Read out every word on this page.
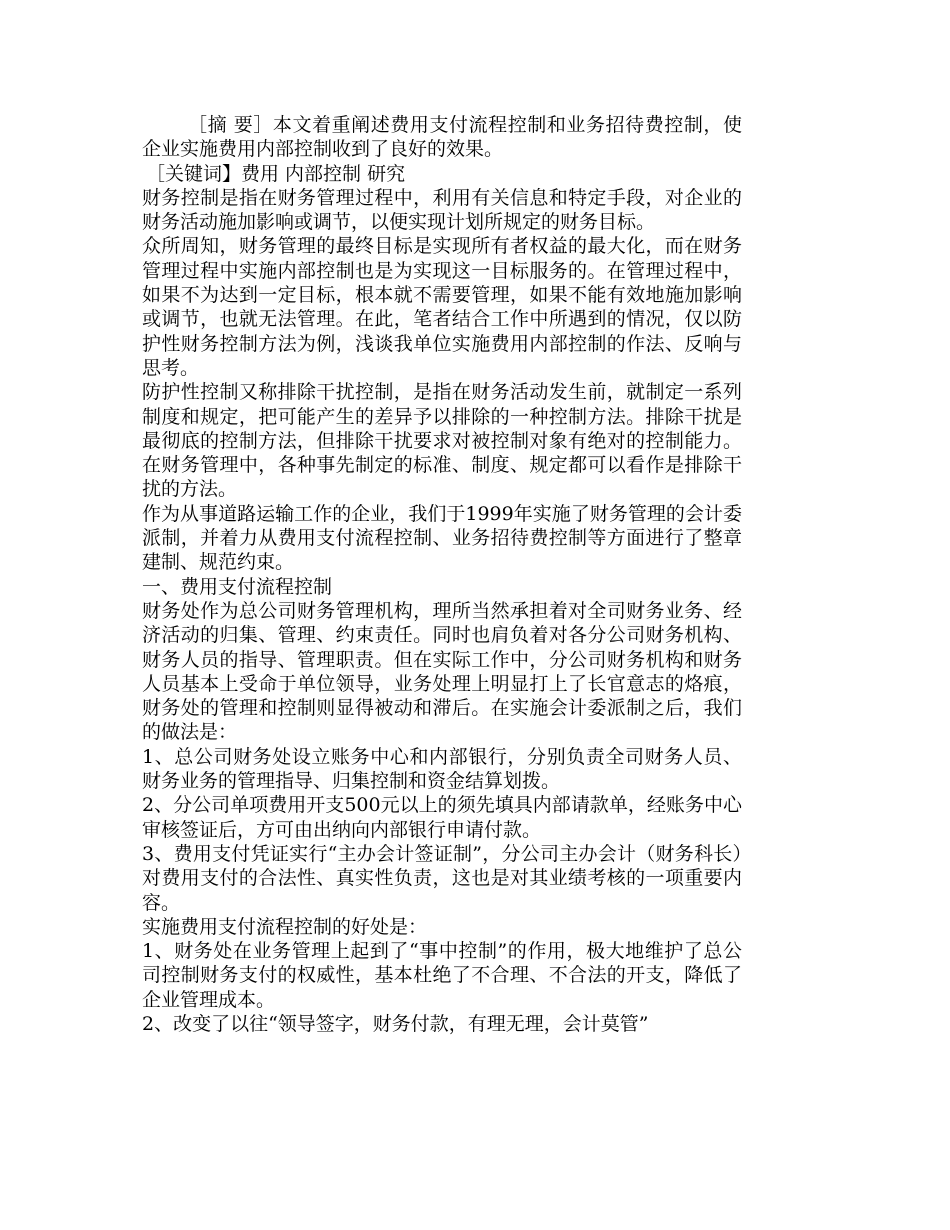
［摘 要］本文着重阐述费用支付流程控制和业务招待费控制，使企业实施费用内部控制收到了良好的效果。

［关键词】费用 内部控制 研究

财务控制是指在财务管理过程中，利用有关信息和特定手段，对企业的财务活动施加影响或调节，以便实现计划所规定的财务目标。

众所周知，财务管理的最终目标是实现所有者权益的最大化，而在财务管理过程中实施内部控制也是为实现这一目标服务的。在管理过程中，如果不为达到一定目标，根本就不需要管理，如果不能有效地施加影响或调节，也就无法管理。在此，笔者结合工作中所遇到的情况，仅以防护性财务控制方法为例，浅谈我单位实施费用内部控制的作法、反响与思考。

防护性控制又称排除干扰控制，是指在财务活动发生前，就制定一系列制度和规定，把可能产生的差异予以排除的一种控制方法。排除干扰是最彻底的控制方法，但排除干扰要求对被控制对象有绝对的控制能力。在财务管理中，各种事先制定的标准、制度、规定都可以看作是排除干扰的方法。

作为从事道路运输工作的企业，我们于1999年实施了财务管理的会计委派制，并着力从费用支付流程控制、业务招待费控制等方面进行了整章建制、规范约束。

一、费用支付流程控制

财务处作为总公司财务管理机构，理所当然承担着对全司财务业务、经济活动的归集、管理、约束责任。同时也肩负着对各分公司财务机构、财务人员的指导、管理职责。但在实际工作中，分公司财务机构和财务人员基本上受命于单位领导，业务处理上明显打上了长官意志的烙痕，财务处的管理和控制则显得被动和滞后。在实施会计委派制之后，我们的做法是：

1、总公司财务处设立账务中心和内部银行，分别负责全司财务人员、财务业务的管理指导、归集控制和资金结算划拨。

2、分公司单项费用开支500元以上的须先填具内部请款单，经账务中心审核签证后，方可由出纳向内部银行申请付款。

3、费用支付凭证实行“主办会计签证制”，分公司主办会计（财务科长）对费用支付的合法性、真实性负责，这也是对其业绩考核的一项重要内容。

实施费用支付流程控制的好处是：

1、财务处在业务管理上起到了“事中控制”的作用，极大地维护了总公司控制财务支付的权威性，基本杜绝了不合理、不合法的开支，降低了企业管理成本。

2、改变了以往“领导签字，财务付款，有理无理，会计莫管”
